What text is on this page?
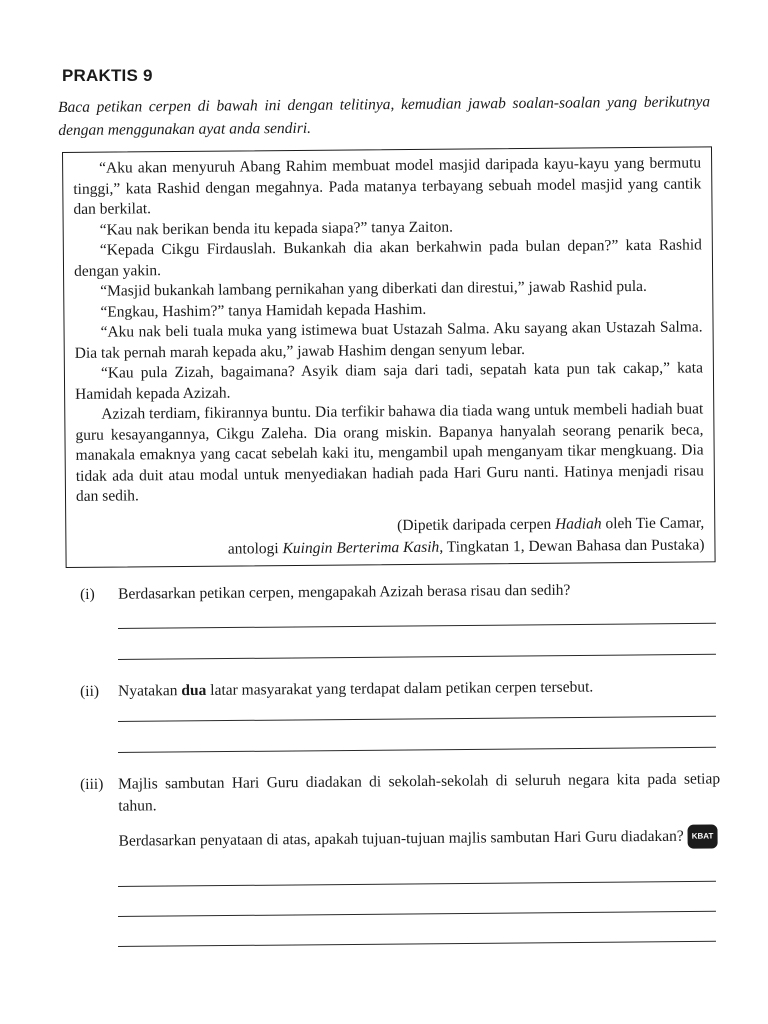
PRAKTIS 9
Baca petikan cerpen di bawah ini dengan telitinya, kemudian jawab soalan-soalan yang berikutnya dengan menggunakan ayat anda sendiri.

“Aku akan menyuruh Abang Rahim membuat model masjid daripada kayu-kayu yang bermutu tinggi,” kata Rashid dengan megahnya. Pada matanya terbayang sebuah model masjid yang cantik dan berkilat.

“Kau nak berikan benda itu kepada siapa?” tanya Zaiton.

“Kepada Cikgu Firdauslah. Bukankah dia akan berkahwin pada bulan depan?” kata Rashid dengan yakin.

“Masjid bukankah lambang pernikahan yang diberkati dan direstui,” jawab Rashid pula.

“Engkau, Hashim?” tanya Hamidah kepada Hashim.

“Aku nak beli tuala muka yang istimewa buat Ustazah Salma. Aku sayang akan Ustazah Salma. Dia tak pernah marah kepada aku,” jawab Hashim dengan senyum lebar.

“Kau pula Zizah, bagaimana? Asyik diam saja dari tadi, sepatah kata pun tak cakap,” kata Hamidah kepada Azizah.

Azizah terdiam, fikirannya buntu. Dia terfikir bahawa dia tiada wang untuk membeli hadiah buat guru kesayangannya, Cikgu Zaleha. Dia orang miskin. Bapanya hanyalah seorang penarik beca, manakala emaknya yang cacat sebelah kaki itu, mengambil upah menganyam tikar mengkuang. Dia tidak ada duit atau modal untuk menyediakan hadiah pada Hari Guru nanti. Hatinya menjadi risau dan sedih.

(Dipetik daripada cerpen Hadiah oleh Tie Camar,
antologi Kuingin Berterima Kasih, Tingkatan 1, Dewan Bahasa dan Pustaka)
(i) Berdasarkan petikan cerpen, mengapakah Azizah berasa risau dan sedih?
(ii) Nyatakan dua latar masyarakat yang terdapat dalam petikan cerpen tersebut.
(iii) Majlis sambutan Hari Guru diadakan di sekolah-sekolah di seluruh negara kita pada setiap tahun.
Berdasarkan penyataan di atas, apakah tujuan-tujuan majlis sambutan Hari Guru diadakan? KBAT
